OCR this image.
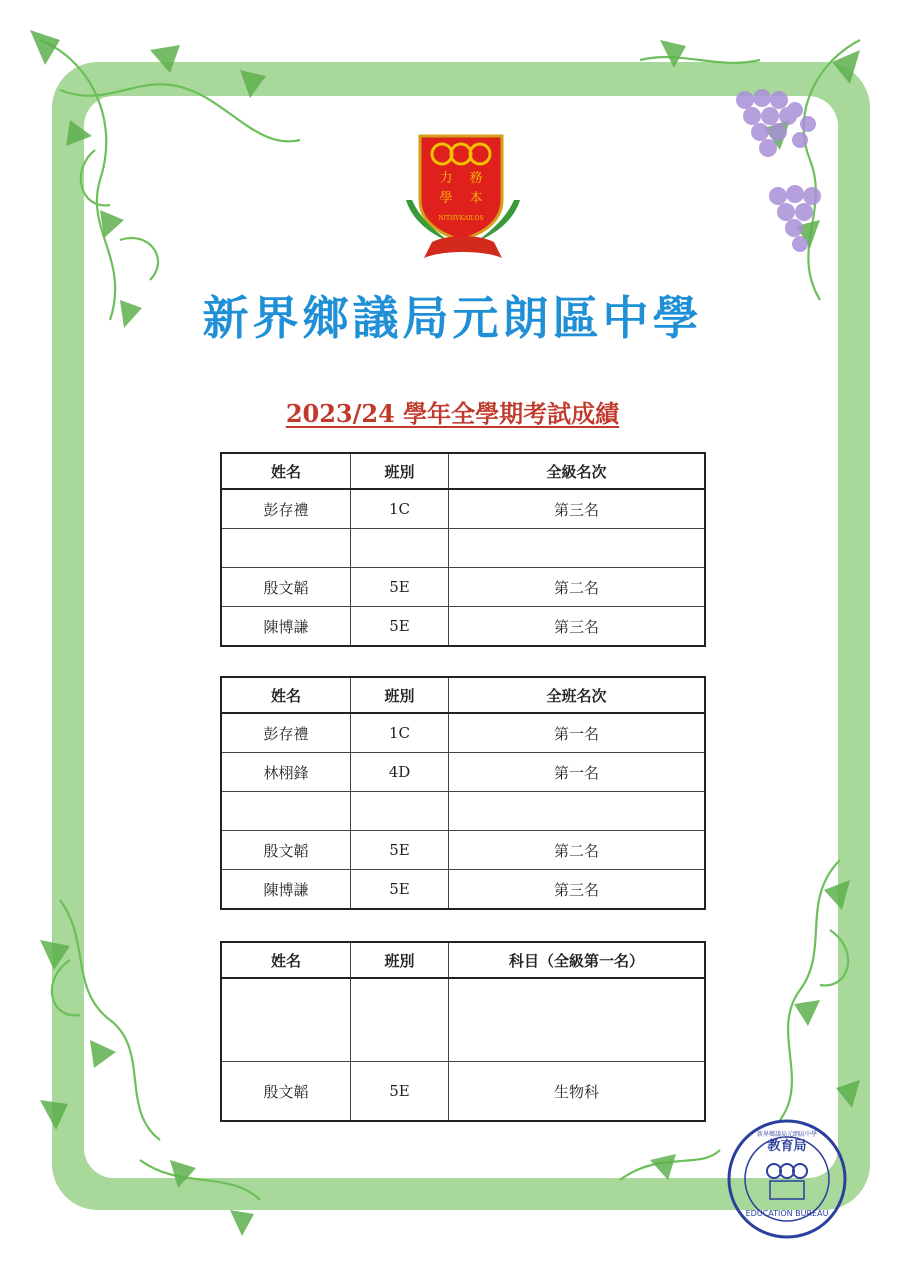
力 務
學 本
NITHVKAILOS
新界鄉議局元朗區中學
2023/24 學年全學期考試成績
姓名	班別	全級名次
彭存禮	1C	第三名

殷文韜	5E	第二名
陳博謙	5E	第三名
姓名	班別	全班名次
彭存禮	1C	第一名
林栩鋒	4D	第一名

殷文韜	5E	第二名
陳博謙	5E	第三名
姓名	班別	科目（全級第一名）

殷文韜	5E	生物科
教育局
新界鄉議局元朗區中學
EDUCATION BUREAU
